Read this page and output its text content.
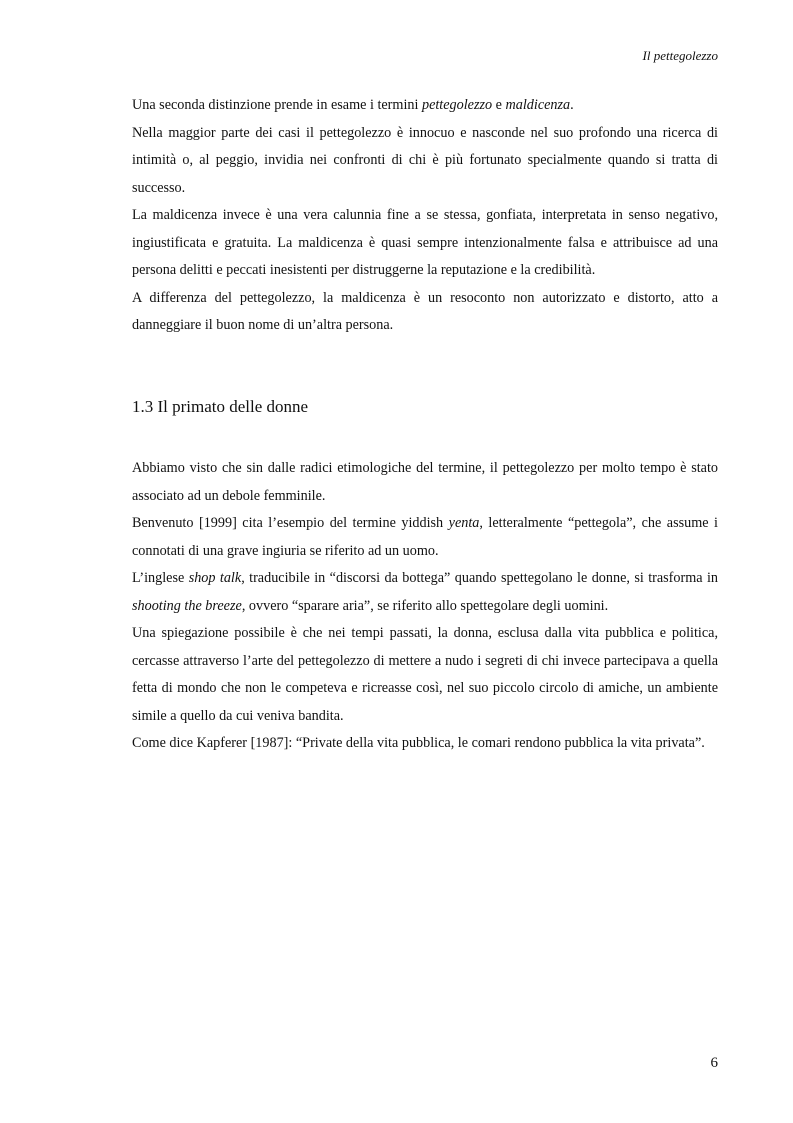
Il pettegolezzo

Una seconda distinzione prende in esame i termini pettegolezzo e maldicenza.

Nella maggior parte dei casi il pettegolezzo è innocuo e nasconde nel suo profondo una ricerca di intimità o, al peggio, invidia nei confronti di chi è più fortunato specialmente quando si tratta di successo.

La maldicenza invece è una vera calunnia fine a se stessa, gonfiata, interpretata in senso negativo, ingiustificata e gratuita. La maldicenza è quasi sempre intenzionalmente falsa e attribuisce ad una persona delitti e peccati inesistenti per distruggerne la reputazione e la credibilità.

A differenza del pettegolezzo, la maldicenza è un resoconto non autorizzato e distorto, atto a danneggiare il buon nome di un’altra persona.

1.3 Il primato delle donne

Abbiamo visto che sin dalle radici etimologiche del termine, il pettegolezzo per molto tempo è stato associato ad un debole femminile.

Benvenuto [1999] cita l’esempio del termine yiddish yenta, letteralmente “pettegola”, che assume i connotati di una grave ingiuria se riferito ad un uomo.

L’inglese shop talk, traducibile in “discorsi da bottega” quando spettegolano le donne, si trasforma in shooting the breeze, ovvero “sparare aria”, se riferito allo spettegolare degli uomini.

Una spiegazione possibile è che nei tempi passati, la donna, esclusa dalla vita pubblica e politica, cercasse attraverso l’arte del pettegolezzo di mettere a nudo i segreti di chi invece partecipava a quella fetta di mondo che non le competeva e ricreasse così, nel suo piccolo circolo di amiche, un ambiente simile a quello da cui veniva bandita.

Come dice Kapferer [1987]: “Private della vita pubblica, le comari rendono pubblica la vita privata”.

6
